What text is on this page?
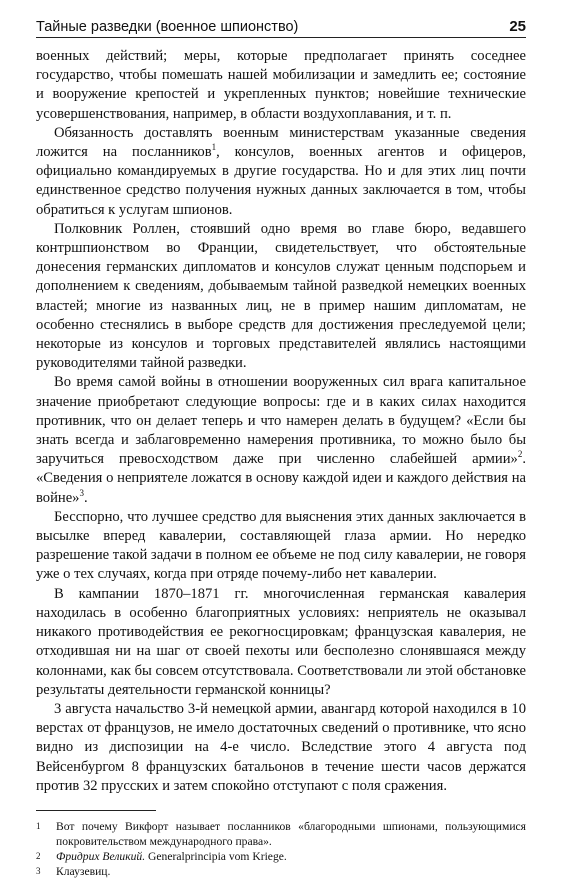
Тайные разведки (военное шпионство)	25

военных действий; меры, которые предполагает принять соседнее государство, чтобы помешать нашей мобилизации и замедлить ее; состояние и вооружение крепостей и укрепленных пунктов; новейшие технические усовершенствования, например, в области воздухоплавания, и т. п.

Обязанность доставлять военным министерствам указанные сведения ложится на посланников$^1$, консулов, военных агентов и офицеров, официально командируемых в другие государства. Но и для этих лиц почти единственное средство получения нужных данных заключается в том, чтобы обратиться к услугам шпионов.

Полковник Роллен, стоявший одно время во главе бюро, ведавшего контршпионством во Франции, свидетельствует, что обстоятельные донесения германских дипломатов и консулов служат ценным подспорьем и дополнением к сведениям, добываемым тайной разведкой немецких военных властей; многие из названных лиц, не в пример нашим дипломатам, не особенно стеснялись в выборе средств для достижения преследуемой цели; некоторые из консулов и торговых представителей являлись настоящими руководителями тайной разведки.

Во время самой войны в отношении вооруженных сил врага капитальное значение приобретают следующие вопросы: где и в каких силах находится противник, что он делает теперь и что намерен делать в будущем? «Если бы знать всегда и заблаговременно намерения противника, то можно было бы заручиться превосходством даже при численно слабейшей армии»$^2$. «Сведения о неприятеле ложатся в основу каждой идеи и каждого действия на войне»$^3$.

Бесспорно, что лучшее средство для выяснения этих данных заключается в высылке вперед кавалерии, составляющей глаза армии. Но нередко разрешение такой задачи в полном ее объеме не под силу кавалерии, не говоря уже о тех случаях, когда при отряде почему-либо нет кавалерии.

В кампании 1870–1871 гг. многочисленная германская кавалерия находилась в особенно благоприятных условиях: неприятель не оказывал никакого противодействия ее рекогносцировкам; французская кавалерия, не отходившая ни на шаг от своей пехоты или бесполезно слонявшаяся между колоннами, как бы совсем отсутствовала. Соответствовали ли этой обстановке результаты деятельности германской конницы?

3 августа начальство 3-й немецкой армии, авангард которой находился в 10 верстах от французов, не имело достаточных сведений о противнике, что ясно видно из диспозиции на 4-е число. Вследствие этого 4 августа под Вейсенбургом 8 французских батальонов в течение шести часов держатся против 32 прусских и затем спокойно отступают с поля сражения.

1	Вот почему Викфорт называет посланников «благородными шпионами, пользующимися покровительством международного права».
2	Фридрих Великий. Generalprincipia vom Kriege.
3	Клаузевиц.
